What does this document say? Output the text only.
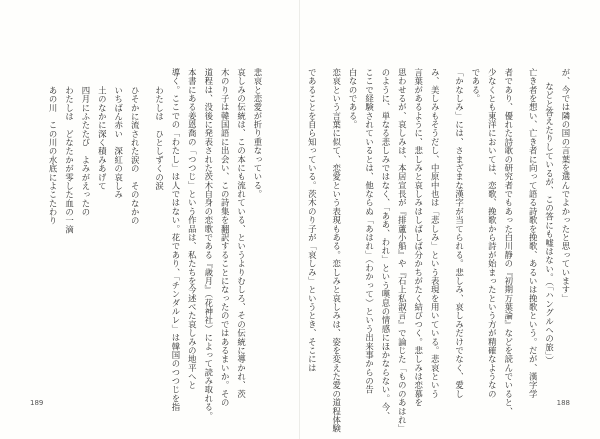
悲哀と恋愛が折り重なっている。
哀しみの伝統は、この本にも流れている、というよりむしろ、その伝統に導かれ、茨
木のり子は韓国語に出会い、この詩集を翻訳することになったのではあるまいか。その
道程は、没後に発表された茨木自身の恋歌である『歳月』（花神社）によって読み取れる。
本書にある姜恩喬の「つつじ」という作品は、私たちを今述べた哀しみの地平へと
導く。ここでの「わたし」は人ではない。花であり、「チンダルレ」は韓国のつつじを指
わたしは　ひとしずくの涙
ひそかに流された涙の　そのなかの
いちばん赤い　深紅の哀しみ
土のなかに深く積みあげて
四月にふたたび　よみがえったの
わたしは　どなたかが零した血の一滴
あの川　この川の水底によこたわり
189
が、今では隣の国の言葉を選んでよかったと思っています」
などと答えたりしているが、この答にも嘘はない。（「ハングルへの旅」）
亡き者を想い、亡き者に向って語る詩歌を挽歌、あるいは挽歌という。だが、漢字学
者であり、優れた詩歌の研究者でもあった白川静の『初期万葉論』などを読んでいると、
少なくとも東洋においては、恋歌、挽歌から詩が始まったという方が精確なようなの
である。
「かなしみ」には、さまざまな漢字が当てられる。悲しみ、哀しみだけでなく、愛し
み、美しみもそうだし、中原中也は「悲しみ」という表現を用いている。悲哀という
言葉があるように、悲しみと哀しみはしばしば分かちがたく結びつく。悲しみは恋慕を
思わせるが、哀しみは、本居宣長が『排蘆小船』や『石上私淑言』で論じた「もののあはれ」
のように、単なる悲しみではなく、「ああ、われ」という嘆息の情感にほかならない。今、
ここで経験されているとは、他ならぬ「あはれ」（わかって）という出来事からの告
白なのである。
恋哀という言葉に似て、恋愛という表現もある。恋しみと哀しみは、姿を変えた愛の道程体験
であることを自ら知っている。茨木のり子が「哀しみ」というとき、そこには
188
